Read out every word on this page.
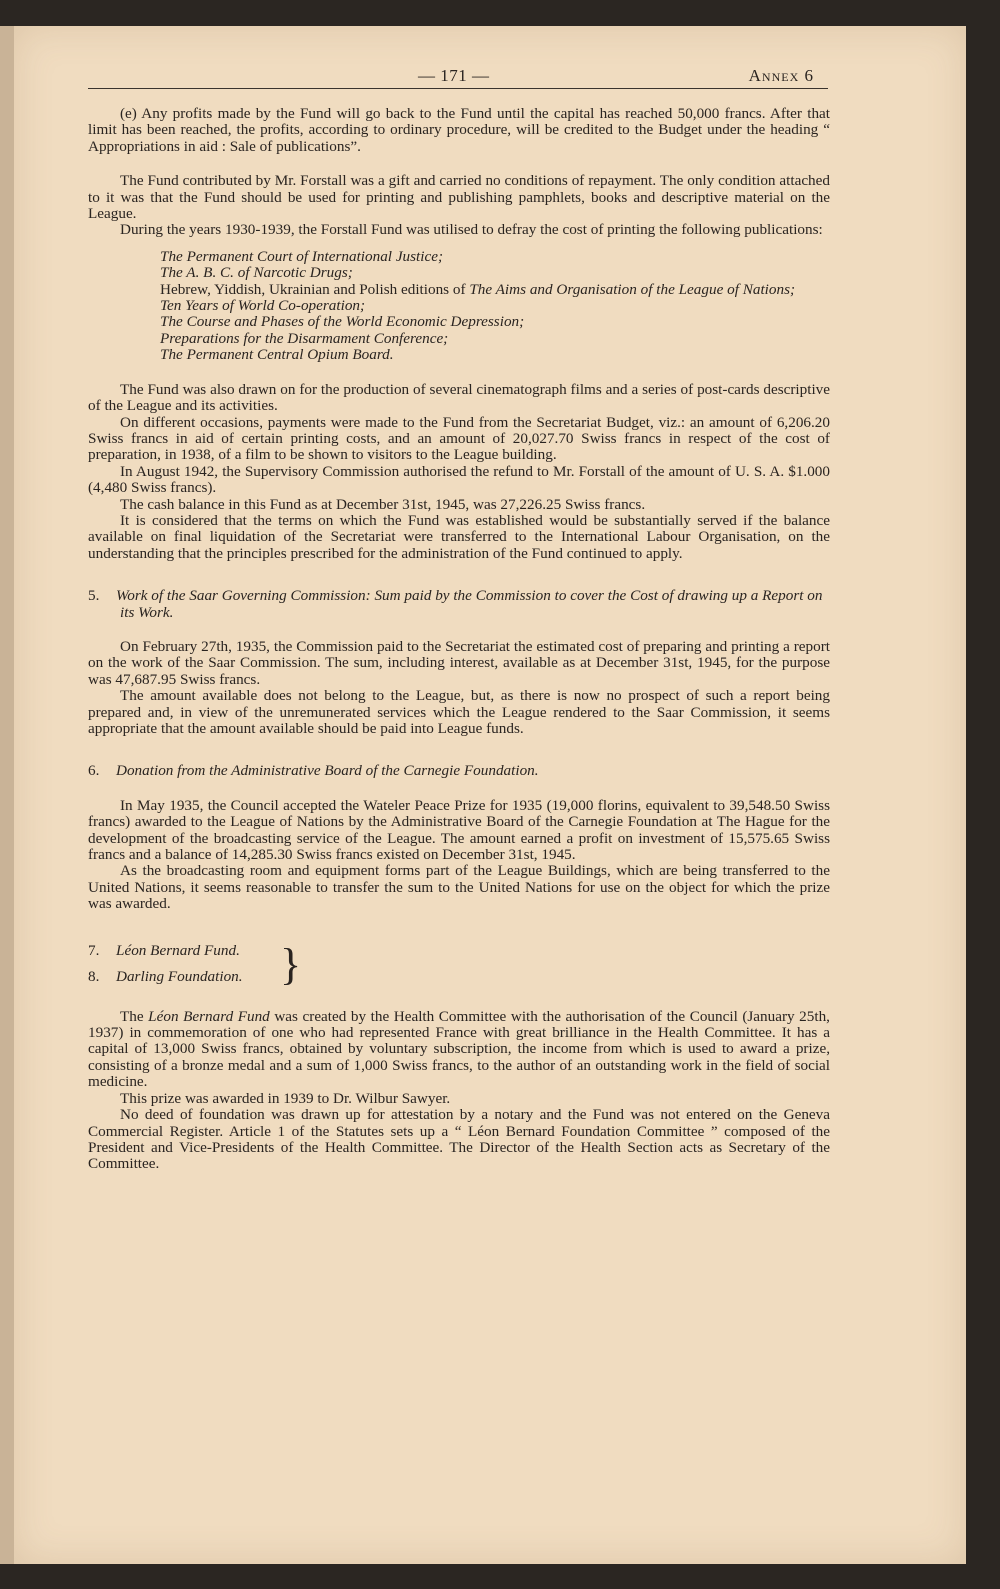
— 171 —	Annex 6

(e) Any profits made by the Fund will go back to the Fund until the capital has reached 50,000 francs. After that limit has been reached, the profits, according to ordinary procedure, will be credited to the Budget under the heading “ Appropriations in aid : Sale of publications”.

The Fund contributed by Mr. Forstall was a gift and carried no conditions of repayment. The only condition attached to it was that the Fund should be used for printing and publishing pamphlets, books and descriptive material on the League.

During the years 1930-1939, the Forstall Fund was utilised to defray the cost of printing the following publications:

The Permanent Court of International Justice;
The A. B. C. of Narcotic Drugs;
Hebrew, Yiddish, Ukrainian and Polish editions of The Aims and Organisation of the League of Nations;
Ten Years of World Co-operation;
The Course and Phases of the World Economic Depression;
Preparations for the Disarmament Conference;
The Permanent Central Opium Board.

The Fund was also drawn on for the production of several cinematograph films and a series of post-cards descriptive of the League and its activities.

On different occasions, payments were made to the Fund from the Secretariat Budget, viz.: an amount of 6,206.20 Swiss francs in aid of certain printing costs, and an amount of 20,027.70 Swiss francs in respect of the cost of preparation, in 1938, of a film to be shown to visitors to the League building.

In August 1942, the Supervisory Commission authorised the refund to Mr. Forstall of the amount of U. S. A. $1.000 (4,480 Swiss francs).

The cash balance in this Fund as at December 31st, 1945, was 27,226.25 Swiss francs.

It is considered that the terms on which the Fund was established would be substantially served if the balance available on final liquidation of the Secretariat were transferred to the International Labour Organisation, on the understanding that the principles prescribed for the administration of the Fund continued to apply.

5. Work of the Saar Governing Commission: Sum paid by the Commission to cover the Cost of drawing up a Report on its Work.

On February 27th, 1935, the Commission paid to the Secretariat the estimated cost of preparing and printing a report on the work of the Saar Commission. The sum, including interest, available as at December 31st, 1945, for the purpose was 47,687.95 Swiss francs.

The amount available does not belong to the League, but, as there is now no prospect of such a report being prepared and, in view of the unremunerated services which the League rendered to the Saar Commission, it seems appropriate that the amount available should be paid into League funds.

6. Donation from the Administrative Board of the Carnegie Foundation.

In May 1935, the Council accepted the Wateler Peace Prize for 1935 (19,000 florins, equivalent to 39,548.50 Swiss francs) awarded to the League of Nations by the Administrative Board of the Carnegie Foundation at The Hague for the development of the broadcasting service of the League. The amount earned a profit on investment of 15,575.65 Swiss francs and a balance of 14,285.30 Swiss francs existed on December 31st, 1945.

As the broadcasting room and equipment forms part of the League Buildings, which are being transferred to the United Nations, it seems reasonable to transfer the sum to the United Nations for use on the object for which the prize was awarded.

7.	Léon Bernard Fund.
8.	Darling Foundation. }

The Léon Bernard Fund was created by the Health Committee with the authorisation of the Council (January 25th, 1937) in commemoration of one who had represented France with great brilliance in the Health Committee. It has a capital of 13,000 Swiss francs, obtained by voluntary subscription, the income from which is used to award a prize, consisting of a bronze medal and a sum of 1,000 Swiss francs, to the author of an outstanding work in the field of social medicine.

This prize was awarded in 1939 to Dr. Wilbur Sawyer.

No deed of foundation was drawn up for attestation by a notary and the Fund was not entered on the Geneva Commercial Register. Article 1 of the Statutes sets up a “ Léon Bernard Foundation Committee ” composed of the President and Vice-Presidents of the Health Committee. The Director of the Health Section acts as Secretary of the Committee.
